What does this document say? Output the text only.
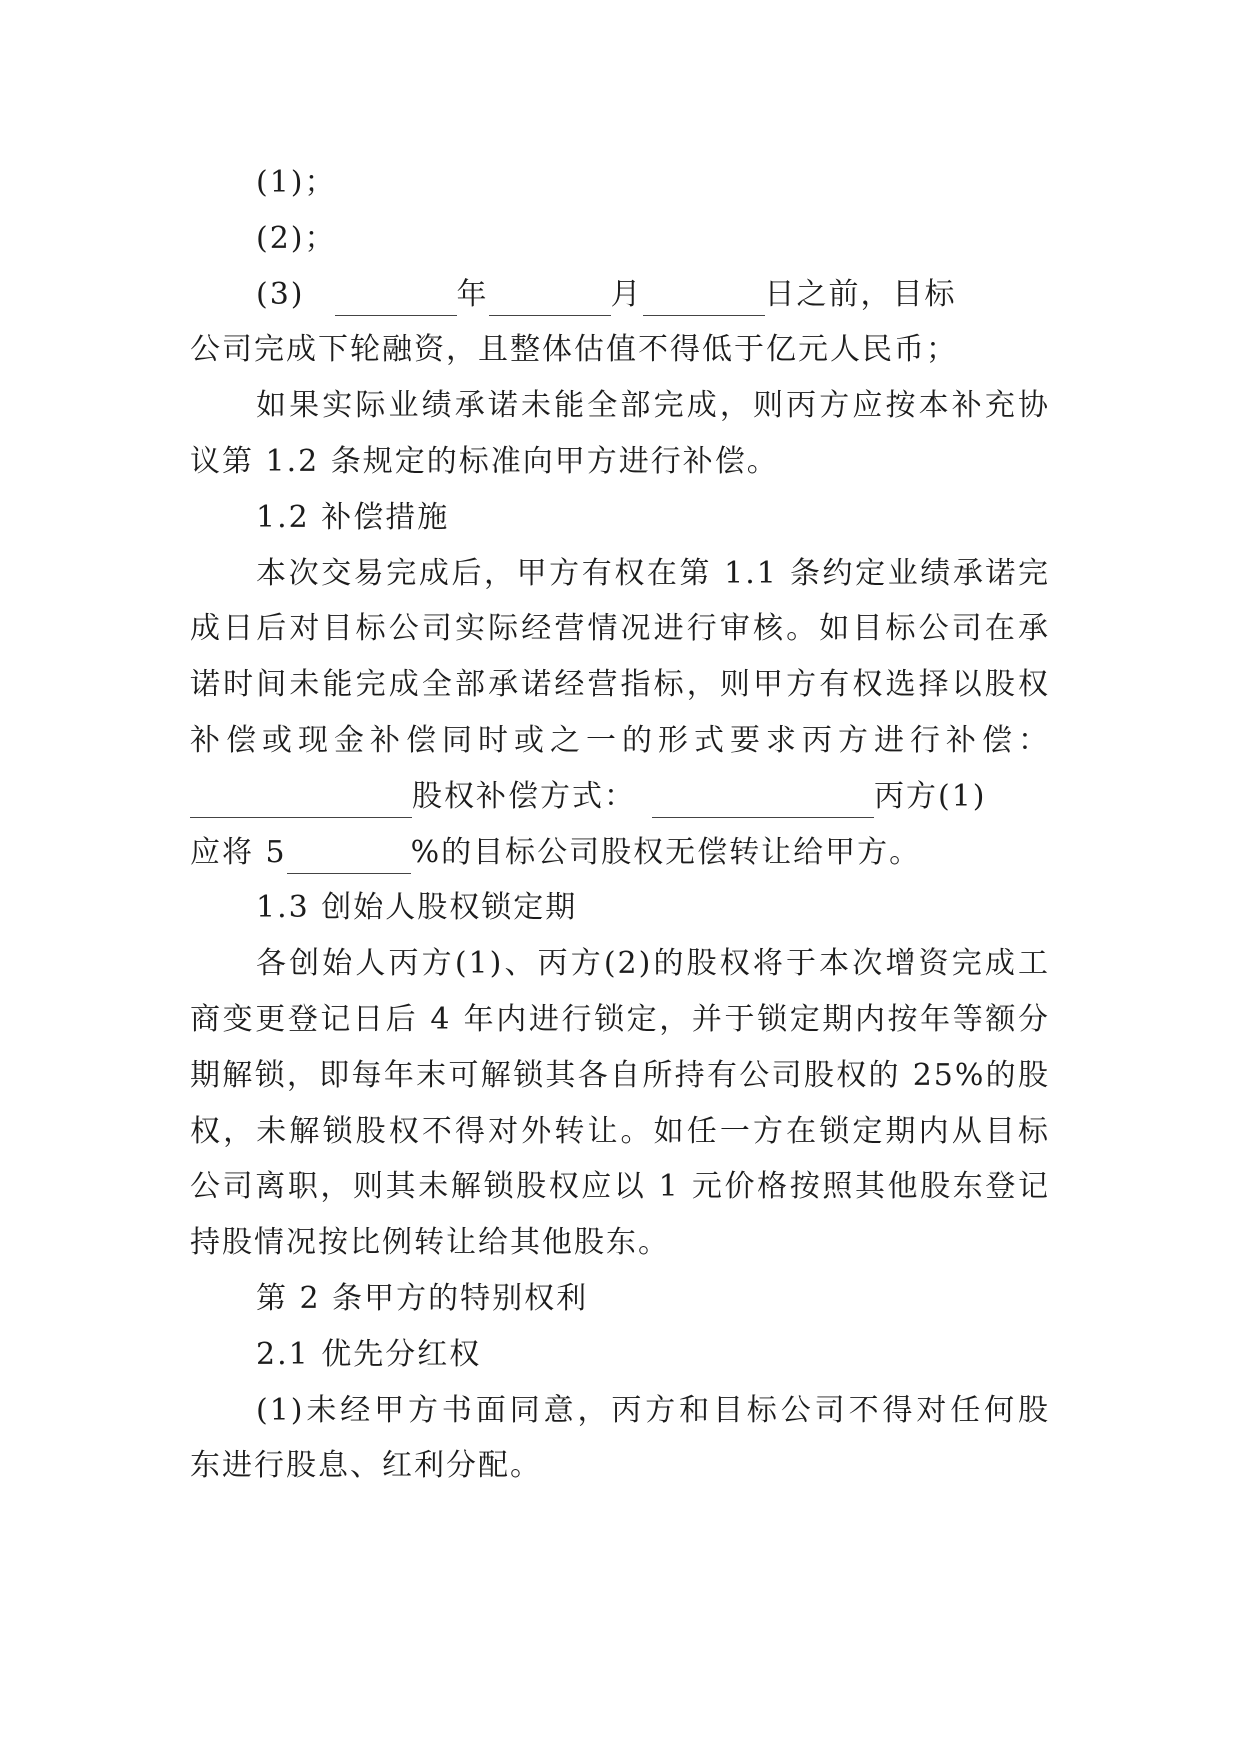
(1)；
(2)；
(3)	年	月	日之前，目标
公司完成下轮融资，且整体估值不得低于亿元人民币；
如果实际业绩承诺未能全部完成，则丙方应按本补充协
议第 1.2 条规定的标准向甲方进行补偿。
1.2 补偿措施
本次交易完成后，甲方有权在第 1.1 条约定业绩承诺完
成日后对目标公司实际经营情况进行审核。如目标公司在承
诺时间未能完成全部承诺经营指标，则甲方有权选择以股权
补偿或现金补偿同时或之一的形式要求丙方进行补偿：
股权补偿方式：	丙方(1)
应将 5	%的目标公司股权无偿转让给甲方。
1.3 创始人股权锁定期
各创始人丙方(1)、丙方(2)的股权将于本次增资完成工
商变更登记日后 4 年内进行锁定，并于锁定期内按年等额分
期解锁，即每年末可解锁其各自所持有公司股权的 25%的股
权，未解锁股权不得对外转让。如任一方在锁定期内从目标
公司离职，则其未解锁股权应以 1 元价格按照其他股东登记
持股情况按比例转让给其他股东。
第 2 条甲方的特别权利
2.1 优先分红权
(1)未经甲方书面同意，丙方和目标公司不得对任何股
东进行股息、红利分配。
